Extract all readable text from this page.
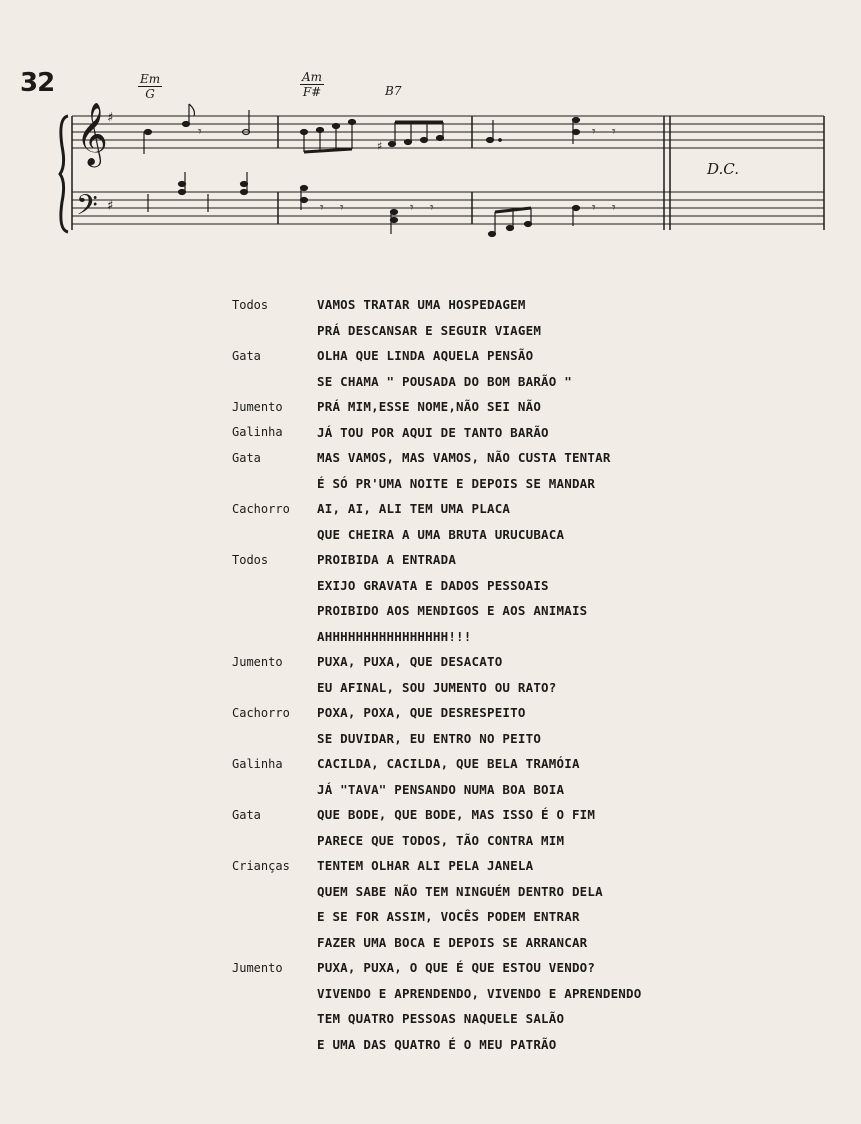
32	Em
G
Am
F#	B7
𝄞
𝄢
♯
♯
𝄾
♯
𝄾 𝄾
𝄾 𝄾	𝄾 𝄾	𝄾 𝄾
D.C.
Todos	VAMOS TRATAR UMA HOSPEDAGEM
PRÁ DESCANSAR E SEGUIR VIAGEM
Gata	OLHA QUE LINDA AQUELA PENSÃO
SE CHAMA " POUSADA DO BOM BARÃO "
Jumento	PRÁ MIM,ESSE NOME,NÃO SEI NÃO
Galinha	JÁ TOU POR AQUI DE TANTO BARÃO
Gata	MAS VAMOS, MAS VAMOS, NÃO CUSTA TENTAR
É SÓ PR'UMA NOITE E DEPOIS SE MANDAR
Cachorro	AI, AI, ALI TEM UMA PLACA
QUE CHEIRA A UMA BRUTA URUCUBACA
Todos	PROIBIDA A ENTRADA
EXIJO GRAVATA E DADOS PESSOAIS
PROIBIDO AOS MENDIGOS E AOS ANIMAIS
AHHHHHHHHHHHHHHHH!!!
Jumento	PUXA, PUXA, QUE DESACATO
EU AFINAL, SOU JUMENTO OU RATO?
Cachorro	POXA, POXA, QUE DESRESPEITO
SE DUVIDAR, EU ENTRO NO PEITO
Galinha	CACILDA, CACILDA, QUE BELA TRAMÓIA
JÁ "TAVA" PENSANDO NUMA BOA BOIA
Gata	QUE BODE, QUE BODE, MAS ISSO É O FIM
PARECE QUE TODOS, TÃO CONTRA MIM
Crianças	TENTEM OLHAR ALI PELA JANELA
QUEM SABE NÃO TEM NINGUÉM DENTRO DELA
E SE FOR ASSIM, VOCÊS PODEM ENTRAR
FAZER UMA BOCA E DEPOIS SE ARRANCAR
Jumento	PUXA, PUXA, O QUE É QUE ESTOU VENDO?
VIVENDO E APRENDENDO, VIVENDO E APRENDENDO
TEM QUATRO PESSOAS NAQUELE SALÃO
E UMA DAS QUATRO É O MEU PATRÃO
